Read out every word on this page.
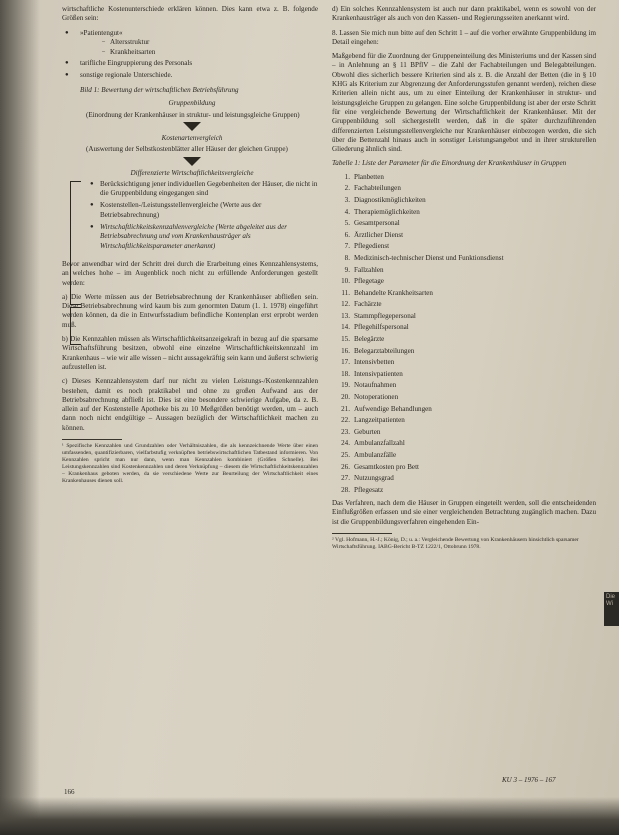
wirtschaftliche Kostenunterschiede erklären können. Dies kann etwa z. B. folgende Größen sein:

● »Patientengut«
– Altersstruktur
– Krankheitsarten
● tarifliche Eingruppierung des Personals
● sonstige regionale Unterschiede.
Bild 1: Bewertung der wirtschaftlichen Betriebsführung
Gruppenbildung
(Einordnung der Krankenhäuser in struktur- und leistungsgleiche Gruppen)
Kostenartenvergleich
(Auswertung der Selbstkostenblätter aller Häuser der gleichen Gruppe)
Differenzierte Wirtschaftlichkeitsvergleiche
● Berücksichtigung jener individuellen Gegebenheiten der Häuser, die nicht in die Gruppenbildung eingegangen sind
● Kostenstellen-/Leistungsstellenvergleiche (Werte aus der Betriebsabrechnung)
● Wirtschaftlichkeitskennzahlenvergleiche (Werte abgeleitet aus der Betriebsabrechnung und vom Krankenhausträger als Wirtschaftlichkeitsparameter anerkannt)

Bevor anwendbar wird der Schritt drei durch die Erarbeitung eines Kennzahlensystems, an welches hohe – im Augenblick noch nicht zu erfüllende Anforderungen gestellt werden:

a) Die Werte müssen aus der Betriebsabrechnung der Krankenhäuser abfließen sein. Diese Betriebsabrechnung wird kaum bis zum genormten Datum (1. 1. 1978) eingeführt werden können, da die in Entwurfsstadium befindliche Kontenplan erst erprobt werden muß.

b) Die Kennzahlen müssen als Wirtschaftlichkeitsanzeigekraft in bezug auf die sparsame Wirtschaftsführung besitzen, obwohl eine einzelne Wirtschaftlichkeitskennzahl im Krankenhaus – wie wir alle wissen – nicht aussagekräftig sein kann und äußerst schwierig aufzustellen ist.

c) Dieses Kennzahlensystem darf nur nicht zu vielen Leistungs-/Kostenkennzahlen bestehen, damit es noch praktikabel und ohne zu großen Aufwand aus der Betriebsabrechnung abfließt ist. Dies ist eine besondere schwierige Aufgabe, da z. B. allein auf der Kostenstelle Apotheke bis zu 10 Meßgrößen benötigt werden, um – auch dann noch nicht endgültige – Aussagen bezüglich der Wirtschaftlichkeit machen zu können.

¹ Spezifische Kennzahlen und Grundzahlen oder Verhältniszahlen, die als kennzeichnende Werte über einen umfassenden, quantifizierbaren, vielfarbstufig verknüpften betriebswirtschaftlichen Tatbestand informieren. Von Kennzahlen spricht man nur dann, wenn man Kennzahlen kombiniert (Größen Schnelle). Bei Leistungskennzahlen sind Kostenkennzahlen und deren Verknüpfung – diesem die Wirtschaftlichkeitskennzahlen – Krankenhaus geboten werden, da sie verschiedene Werte zur Beurteilung der Wirtschaftlichkeit eines Krankenhauses dienen soll.

d) Ein solches Kennzahlensystem ist auch nur dann praktikabel, wenn es sowohl von der Krankenhausträger als auch von den Kassen- und Regierungsseiten anerkannt wird.

8. Lassen Sie mich nun bitte auf den Schritt 1 – auf die vorher erwähnte Gruppenbildung im Detail eingehen:

Maßgebend für die Zuordnung der Gruppeneinteilung des Ministeriums und der Kassen sind – in Anlehnung an § 11 BPflV – die Zahl der Fachabteilungen und Belegabteilungen. Obwohl dies sicherlich bessere Kriterien sind als z. B. die Anzahl der Betten (die in § 10 KHG als Kriterium zur Abgrenzung der Anforderungsstufen genannt werden), reichen diese Kriterien allein nicht aus, um zu einer Einteilung der Krankenhäuser in struktur- und leistungsgleiche Gruppen zu gelangen. Eine solche Gruppenbildung ist aber der erste Schritt für eine vergleichende Bewertung der Wirtschaftlichkeit der Krankenhäuser. Mit der Gruppenbildung soll sichergestellt werden, daß in die später durchzuführenden differenzierten Leistungsstellenvergleiche nur Krankenhäuser einbezogen werden, die sich über die Bettenzahl hinaus auch in sonstiger Leistungsangebot und in ihrer strukturellen Gliederung ähnlich sind.

Tabelle 1: Liste der Parameter für die Einordnung der Krankenhäuser in Gruppen
1. Planbetten
2. Fachabteilungen
3. Diagnostikmöglichkeiten
4. Therapiemöglichkeiten
5. Gesamtpersonal
6. Ärztlicher Dienst
7. Pflegedienst
8. Medizinisch-technischer Dienst und Funktionsdienst
9. Fallzahlen
10. Pflegetage
11. Behandelte Krankheitsarten
12. Fachärzte
13. Stammpflegepersonal
14. Pflegehilfspersonal
15. Belegärzte
16. Belegarztabteilungen
17. Intensivbetten
18. Intensivpatienten
19. Notaufnahmen
20. Notoperationen
21. Aufwendige Behandlungen
22. Langzeitpatienten
23. Geburten
24. Ambulanzfallzahl
25. Ambulanzfälle
26. Gesamtkosten pro Bett
27. Nutzungsgrad
28. Pflegesatz

Das Verfahren, nach dem die Häuser in Gruppen eingeteilt werden, soll die entscheidenden Einflußgrößen erfassen und sie einer vergleichenden Betrachtung zugänglich machen. Dazu ist die Gruppenbildungsverfahren eingehenden Ein-

² Vgl. Hofmann, H.-J.; König, D.; u. a.: Vergleichende Bewertung von Krankenhäusern hinsichtlich sparsamer Wirtschaftsführung. IABG-Bericht B-TZ 1222/1, Ottobrunn 1978.
166
KU 3 – 1976 – 167
Die Wi
